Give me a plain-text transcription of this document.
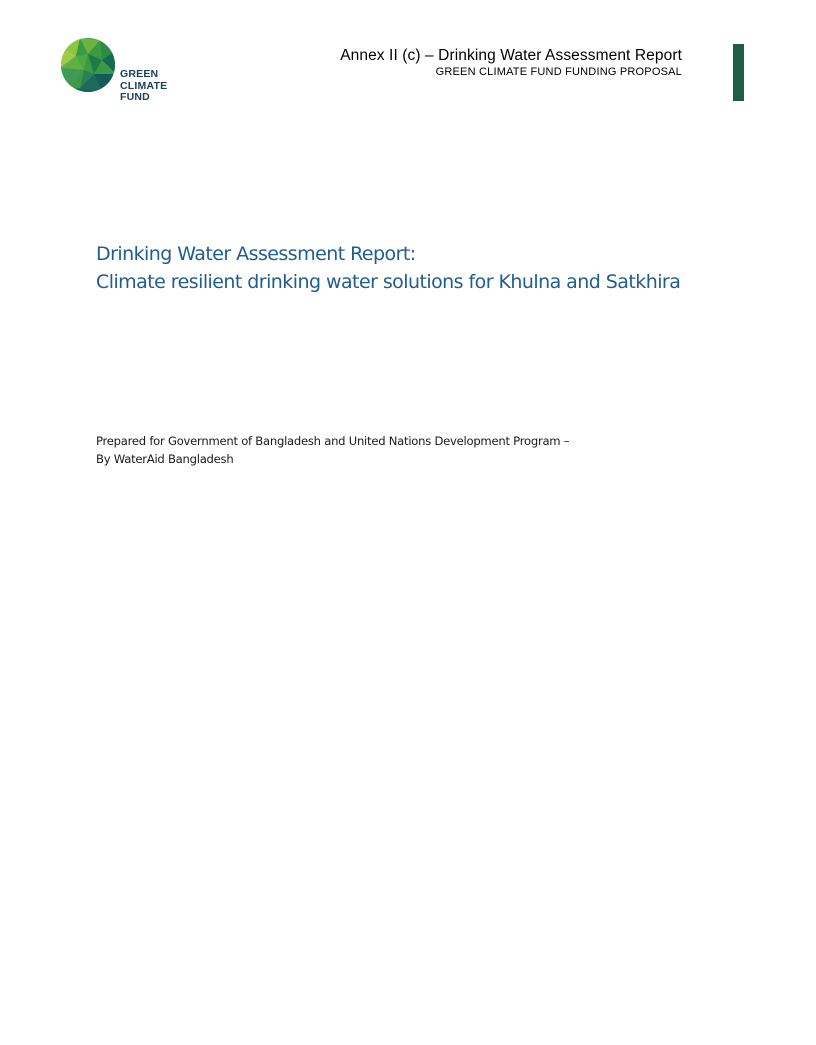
GREEN
CLIMATE
FUND
Annex II (c) – Drinking Water Assessment Report
GREEN CLIMATE FUND FUNDING PROPOSAL
Drinking Water Assessment Report:
Climate resilient drinking water solutions for Khulna and Satkhira
Prepared for Government of Bangladesh and United Nations Development Program –
By WaterAid Bangladesh
